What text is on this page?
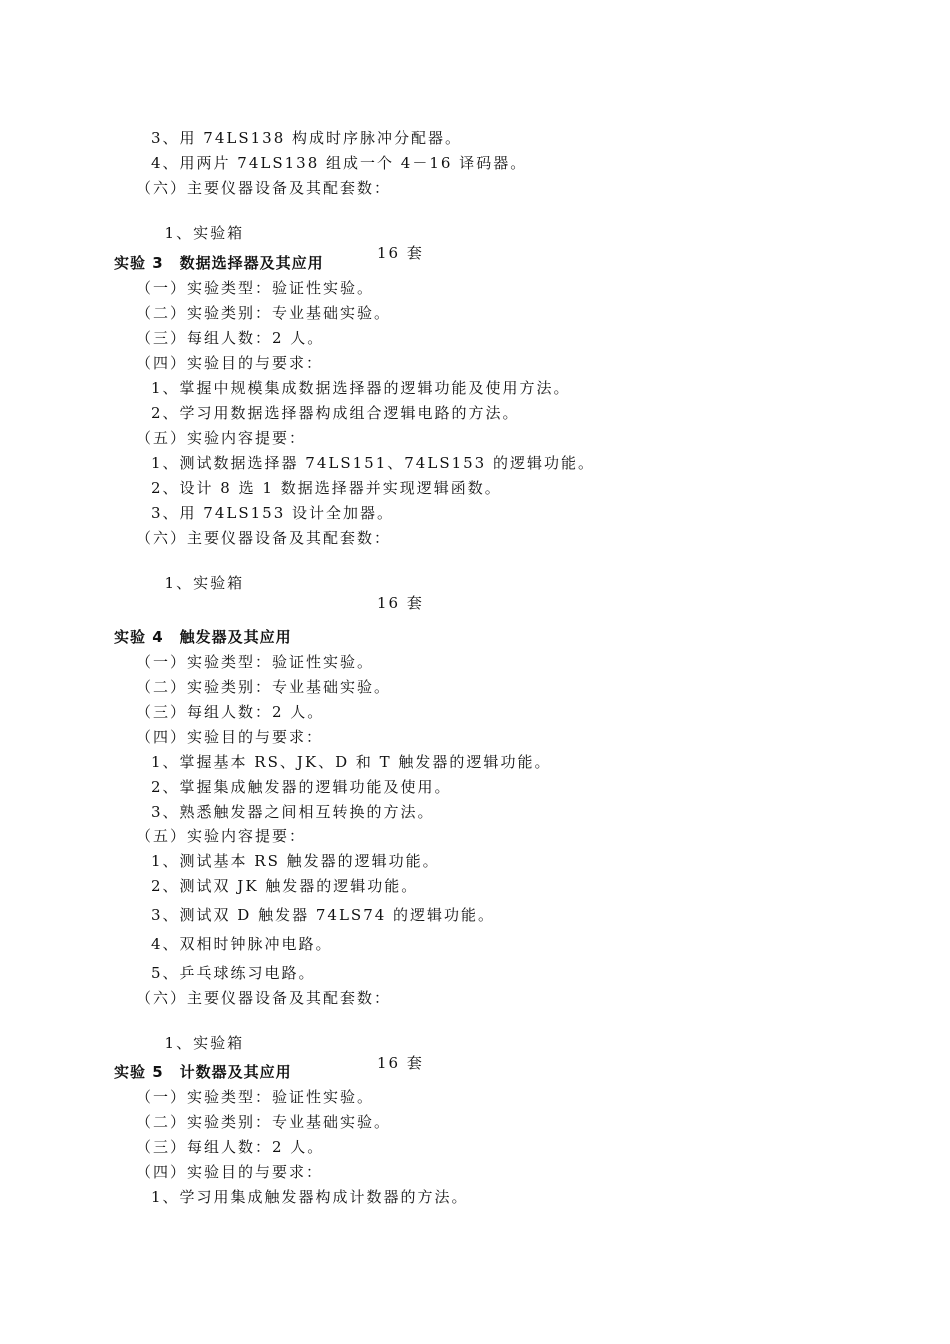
3、用 74LS138 构成时序脉冲分配器。
4、用两片 74LS138 组成一个 4－16 译码器。
（六）主要仪器设备及其配套数：

1、实验箱

16 套

实验 3　数据选择器及其应用
（一）实验类型：验证性实验。
（二）实验类别：专业基础实验。
（三）每组人数：2 人。
（四）实验目的与要求：
1、掌握中规模集成数据选择器的逻辑功能及使用方法。
2、学习用数据选择器构成组合逻辑电路的方法。
（五）实验内容提要：
1、测试数据选择器 74LS151、74LS153 的逻辑功能。
2、设计 8 选 1 数据选择器并实现逻辑函数。
3、用 74LS153 设计全加器。
（六）主要仪器设备及其配套数：

1、实验箱

16 套

实验 4　触发器及其应用
（一）实验类型：验证性实验。
（二）实验类别：专业基础实验。
（三）每组人数：2 人。
（四）实验目的与要求：
1、掌握基本 RS、JK、D 和 T 触发器的逻辑功能。
2、掌握集成触发器的逻辑功能及使用。
3、熟悉触发器之间相互转换的方法。
（五）实验内容提要：
1、测试基本 RS 触发器的逻辑功能。
2、测试双 JK 触发器的逻辑功能。
3、测试双 D 触发器 74LS74 的逻辑功能。
4、双相时钟脉冲电路。
5、乒乓球练习电路。
（六）主要仪器设备及其配套数：

1、实验箱

16 套

实验 5　计数器及其应用
（一）实验类型：验证性实验。
（二）实验类别：专业基础实验。
（三）每组人数：2 人。
（四）实验目的与要求：
1、学习用集成触发器构成计数器的方法。
